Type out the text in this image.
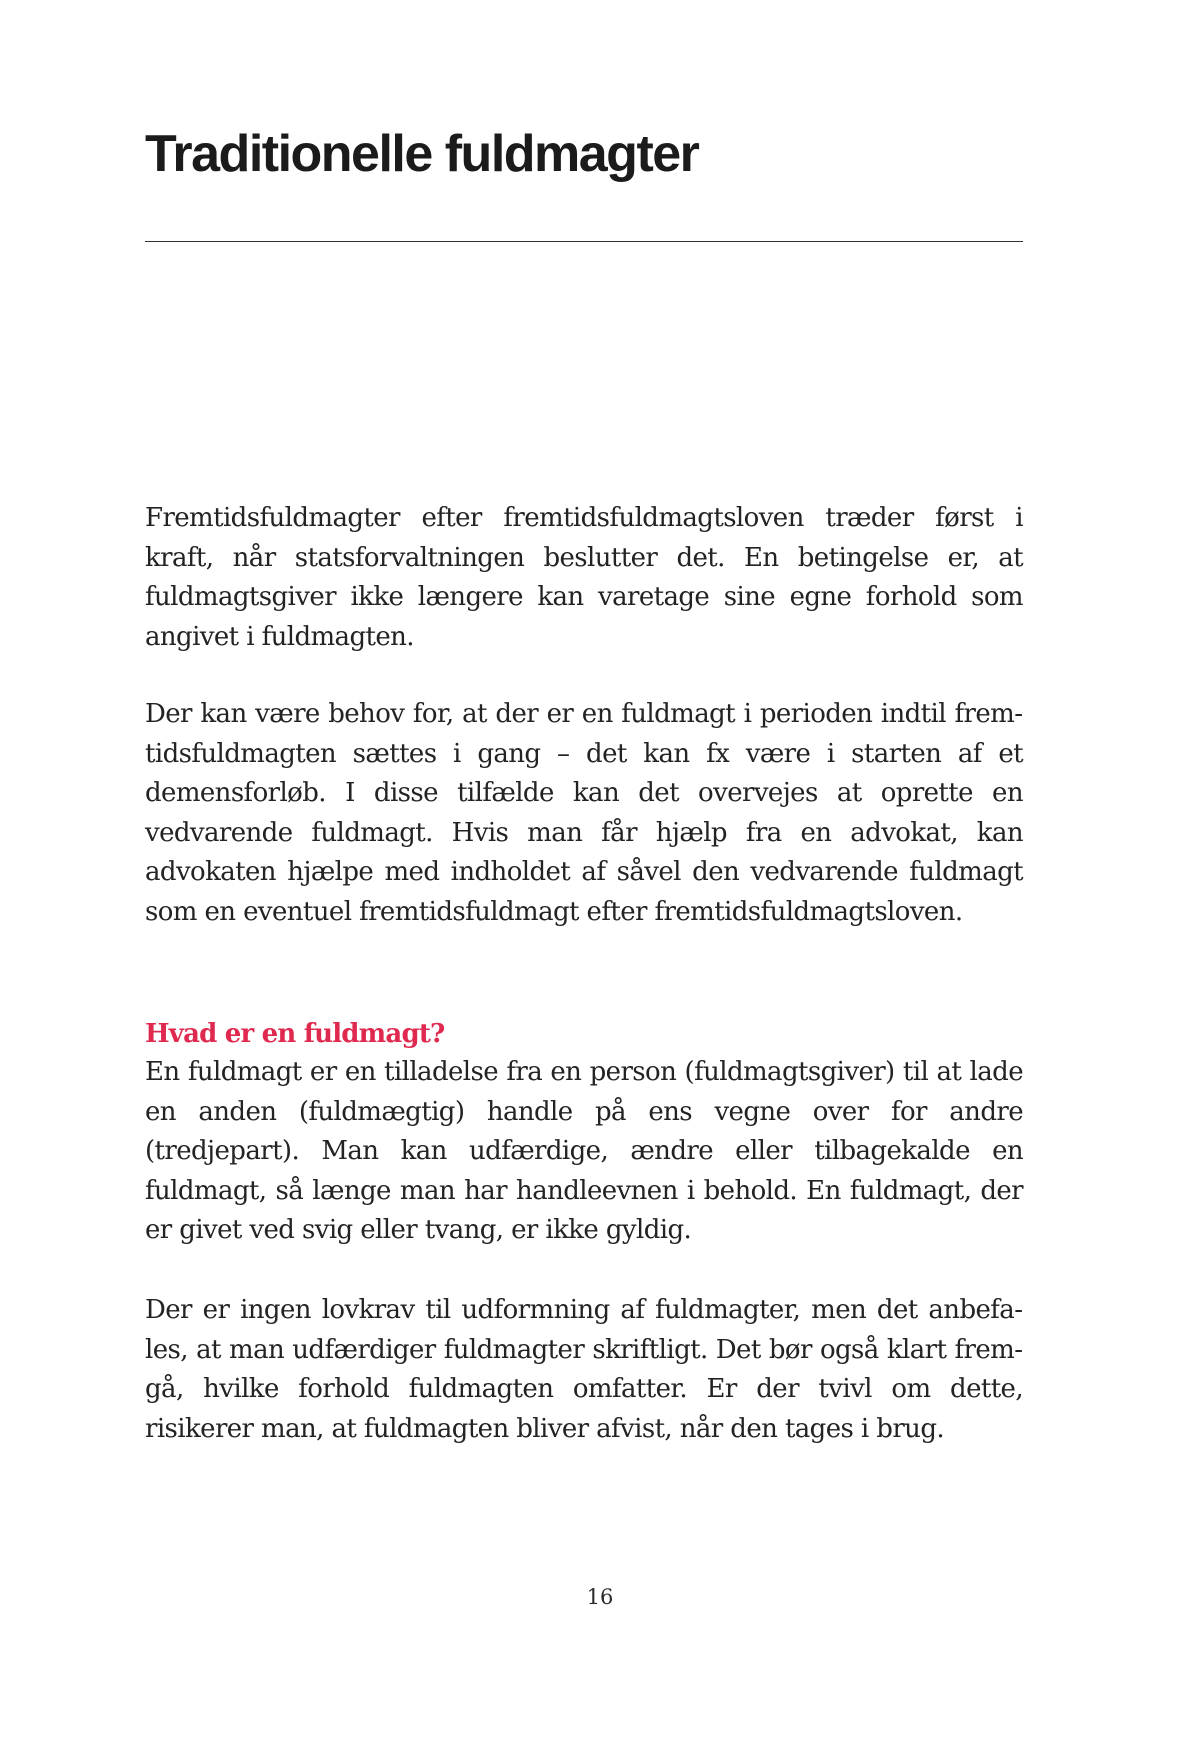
Traditionelle fuldmagter

Fremtidsfuldmagter efter fremtidsfuldmagtsloven træder først i kraft, når statsforvaltningen beslutter det. En betingelse er, at fuldmagtsgiver ikke længere kan varetage sine egne forhold som angivet i fuldmagten.

Der kan være behov for, at der er en fuldmagt i perioden indtil fremtidsfuldmagten sættes i gang – det kan fx være i starten af et demensforløb. I disse tilfælde kan det overvejes at oprette en vedvarende fuldmagt. Hvis man får hjælp fra en advokat, kan advokaten hjælpe med indholdet af såvel den vedvarende fuldmagt som en eventuel fremtidsfuldmagt efter fremtidsfuldmagtsloven.

Hvad er en fuldmagt?

En fuldmagt er en tilladelse fra en person (fuldmagtsgiver) til at lade en anden (fuldmægtig) handle på ens vegne over for andre (tredjepart). Man kan udfærdige, ændre eller tilbagekalde en fuldmagt, så længe man har handleevnen i behold. En fuldmagt, der er givet ved svig eller tvang, er ikke gyldig.

Der er ingen lovkrav til udformning af fuldmagter, men det anbefales, at man udfærdiger fuldmagter skriftligt. Det bør også klart fremgå, hvilke forhold fuldmagten omfatter. Er der tvivl om dette, risikerer man, at fuldmagten bliver afvist, når den tages i brug.

16
